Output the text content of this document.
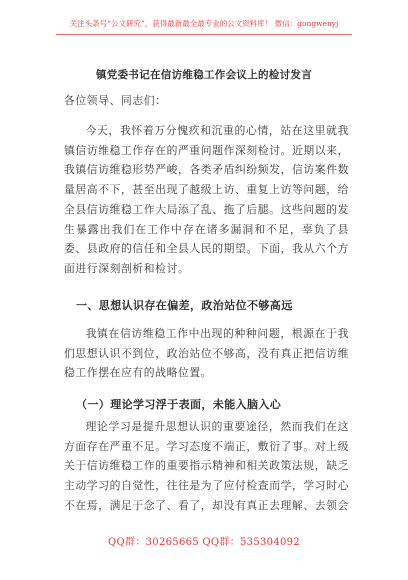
关注头条号“公文研究”，获得最新最全最专业的公文资料库！ 微信：gongwenyj
镇党委书记在信访维稳工作会议上的检讨发言
各位领导、同志们：
今天，我怀着万分愧疚和沉重的心情，站在这里就我镇信访维稳工作存在的严重问题作深刻检讨。近期以来，我镇信访维稳形势严峻，各类矛盾纠纷频发，信访案件数量居高不下，甚至出现了越级上访、重复上访等问题，给全县信访维稳工作大局添了乱、拖了后腿。这些问题的发生暴露出我们在工作中存在诸多漏洞和不足，辜负了县委、县政府的信任和全县人民的期望。下面，我从六个方面进行深刻剖析和检讨。
一、思想认识存在偏差，政治站位不够高远
我镇在信访维稳工作中出现的种种问题，根源在于我们思想认识不到位，政治站位不够高，没有真正把信访维稳工作摆在应有的战略位置。
（一）理论学习浮于表面，未能入脑入心
理论学习是提升思想认识的重要途径，然而我们在这方面存在严重不足。学习态度不端正，敷衍了事。对上级关于信访维稳工作的重要指示精神和相关政策法规，缺乏主动学习的自觉性，往往是为了应付检查而学，学习时心不在焉，满足于念了、看了，却没有真正去理解、去领会
QQ群：30265665 QQ群：535304092
